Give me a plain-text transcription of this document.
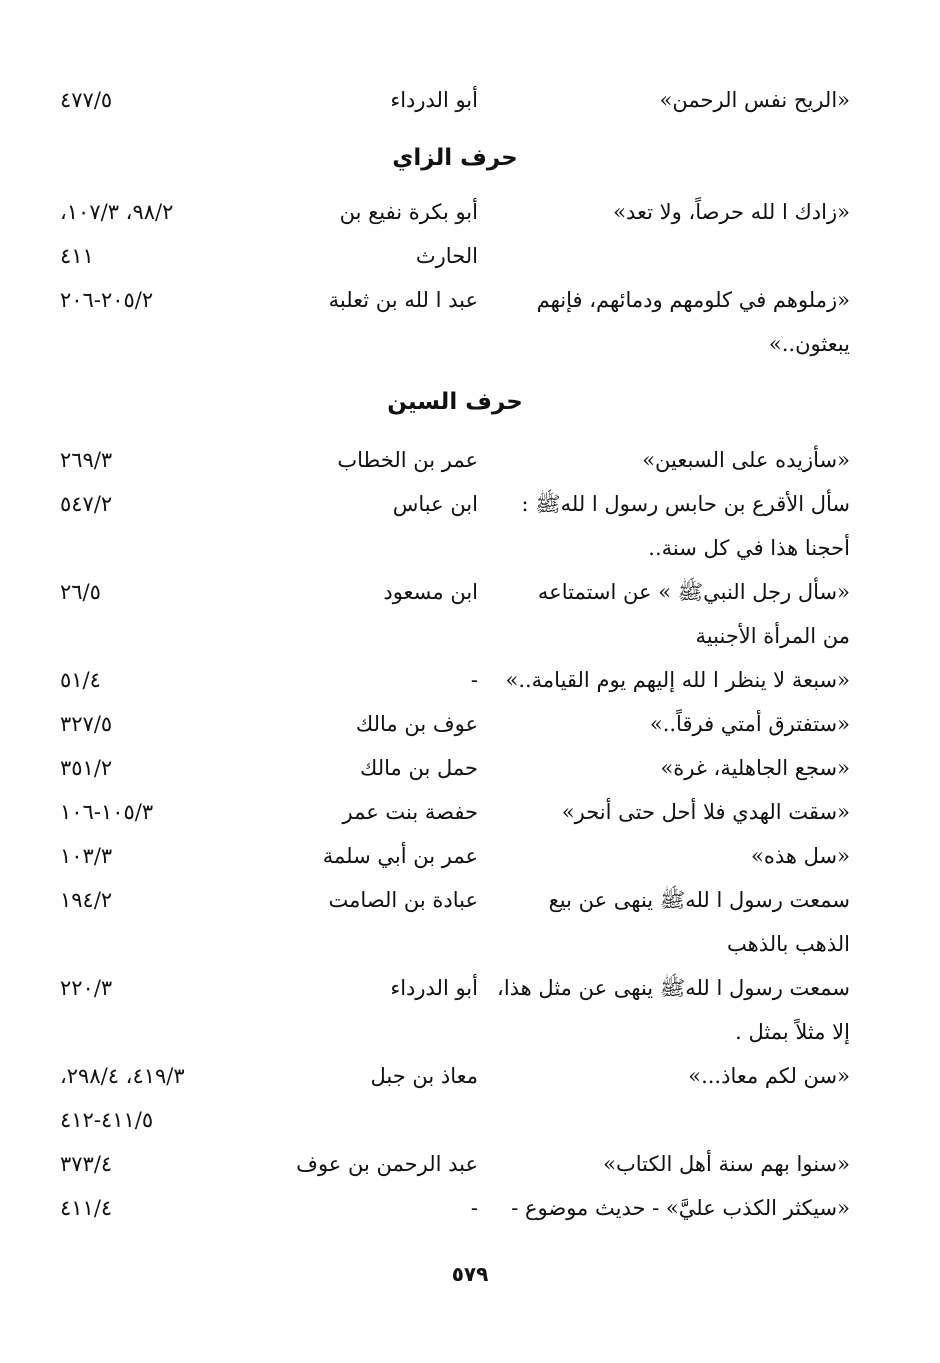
«الريح نفس الرحمن»
أبو الدرداء
٤٧٧/٥
حرف الزاي
«زادك ا لله حرصاً، ولا تعد»
أبو بكرة نفيع بن
٩٨/٢، ١٠٧/٣،
الحارث
٤١١
«زملوهم في كلومهم ودمائهم، فإنهم
عبد ا لله بن ثعلبة
٢٠٥/٢-٢٠٦
يبعثون..»
حرف السين
«سأزيده على السبعين»
عمر بن الخطاب
٢٦٩/٣
سأل الأقرع بن حابس رسول ا للهﷺ :
ابن عباس
٥٤٧/٢
أحجنا هذا في كل سنة..
«سأل رجل النبيﷺ » عن استمتاعه
ابن مسعود
٢٦/٥
من المرأة الأجنبية
«سبعة لا ينظر ا لله إليهم يوم القيامة..»
-
٥١/٤
«ستفترق أمتي فرقاً..»
عوف بن مالك
٣٢٧/٥
«سجع الجاهلية، غرة»
حمل بن مالك
٣٥١/٢
«سقت الهدي فلا أحل حتى أنحر»
حفصة بنت عمر
١٠٥/٣-١٠٦
«سل هذه»
عمر بن أبي سلمة
١٠٣/٣
سمعت رسول ا للهﷺ ينهى عن بيع
عبادة بن الصامت
١٩٤/٢
الذهب بالذهب
سمعت رسول ا للهﷺ ينهى عن مثل هذا،
أبو الدرداء
٢٢٠/٣
إلا مثلاً بمثل .
«سن لكم معاذ...»
معاذ بن جبل
٤١٩/٣، ٢٩٨/٤،
٤١١/٥-٤١٢
«سنوا بهم سنة أهل الكتاب»
عبد الرحمن بن عوف
٣٧٣/٤
«سيكثر الكذب عليَّ» - حديث موضوع -
-
٤١١/٤
٥٧٩
